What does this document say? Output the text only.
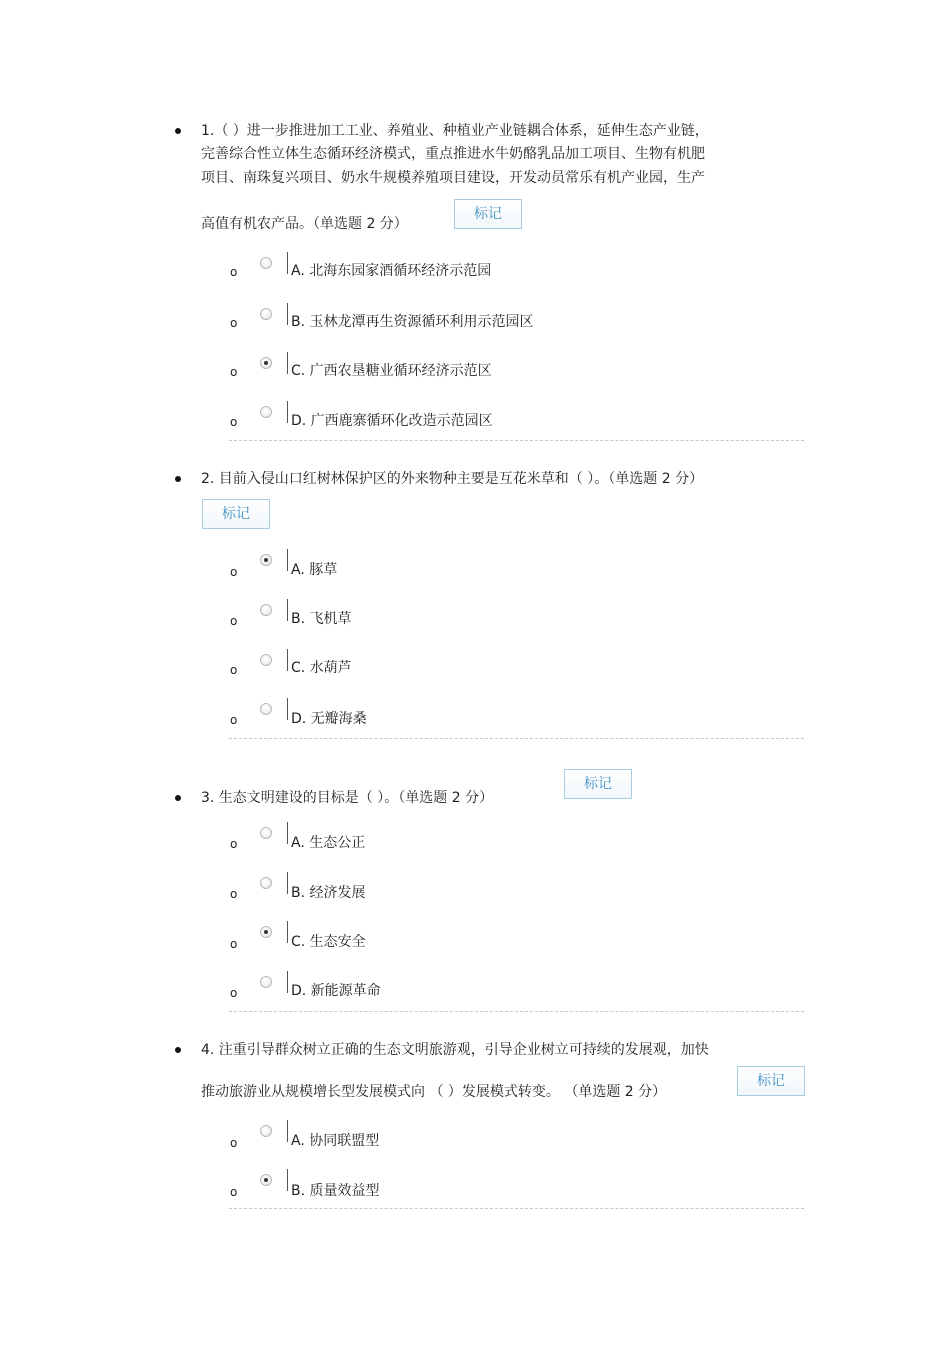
1.（ ）进一步推进加工工业、养殖业、种植业产业链耦合体系，延伸生态产业链，
完善综合性立体生态循环经济模式，重点推进水牛奶酪乳品加工项目、生物有机肥
项目、南珠复兴项目、奶水牛规模养殖项目建设，开发动员常乐有机产业园，生产
高值有机农产品。（单选题 2 分）
标记
o	A. 北海东园家酒循环经济示范园
o	B. 玉林龙潭再生资源循环利用示范园区
o	C. 广西农垦糖业循环经济示范区
o	D. 广西鹿寨循环化改造示范园区
2. 目前入侵山口红树林保护区的外来物种主要是互花米草和（ ）。（单选题 2 分）
标记
o	A. 豚草
o	B. 飞机草
o	C. 水葫芦
o	D. 无瓣海桑
3. 生态文明建设的目标是（ ）。（单选题 2 分）
标记
o	A. 生态公正
o	B. 经济发展
o	C. 生态安全
o	D. 新能源革命
4. 注重引导群众树立正确的生态文明旅游观，引导企业树立可持续的发展观，加快
推动旅游业从规模增长型发展模式向 （ ）发展模式转变。 （单选题 2 分）
标记
o	A. 协同联盟型
o	B. 质量效益型
